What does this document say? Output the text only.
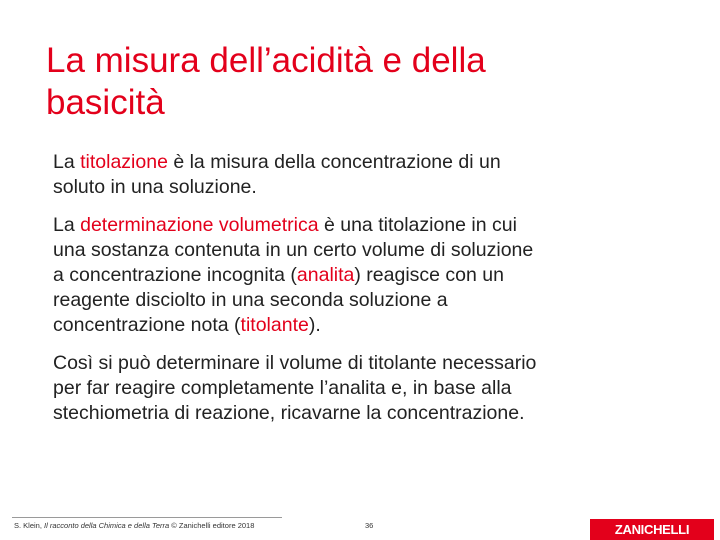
La misura dell’acidità e della
basicità

La titolazione è la misura della concentrazione di un
soluto in una soluzione.

La determinazione volumetrica è una titolazione in cui
una sostanza contenuta in un certo volume di soluzione
a concentrazione incognita (analita) reagisce con un
reagente disciolto in una seconda soluzione a
concentrazione nota (titolante).

Così si può determinare il volume di titolante necessario
per far reagire completamente l’analita e, in base alla
stechiometria di reazione, ricavarne la concentrazione.

S. Klein, Il racconto della Chimica e della Terra © Zanichelli editore 2018	36	ZANICHELLI
